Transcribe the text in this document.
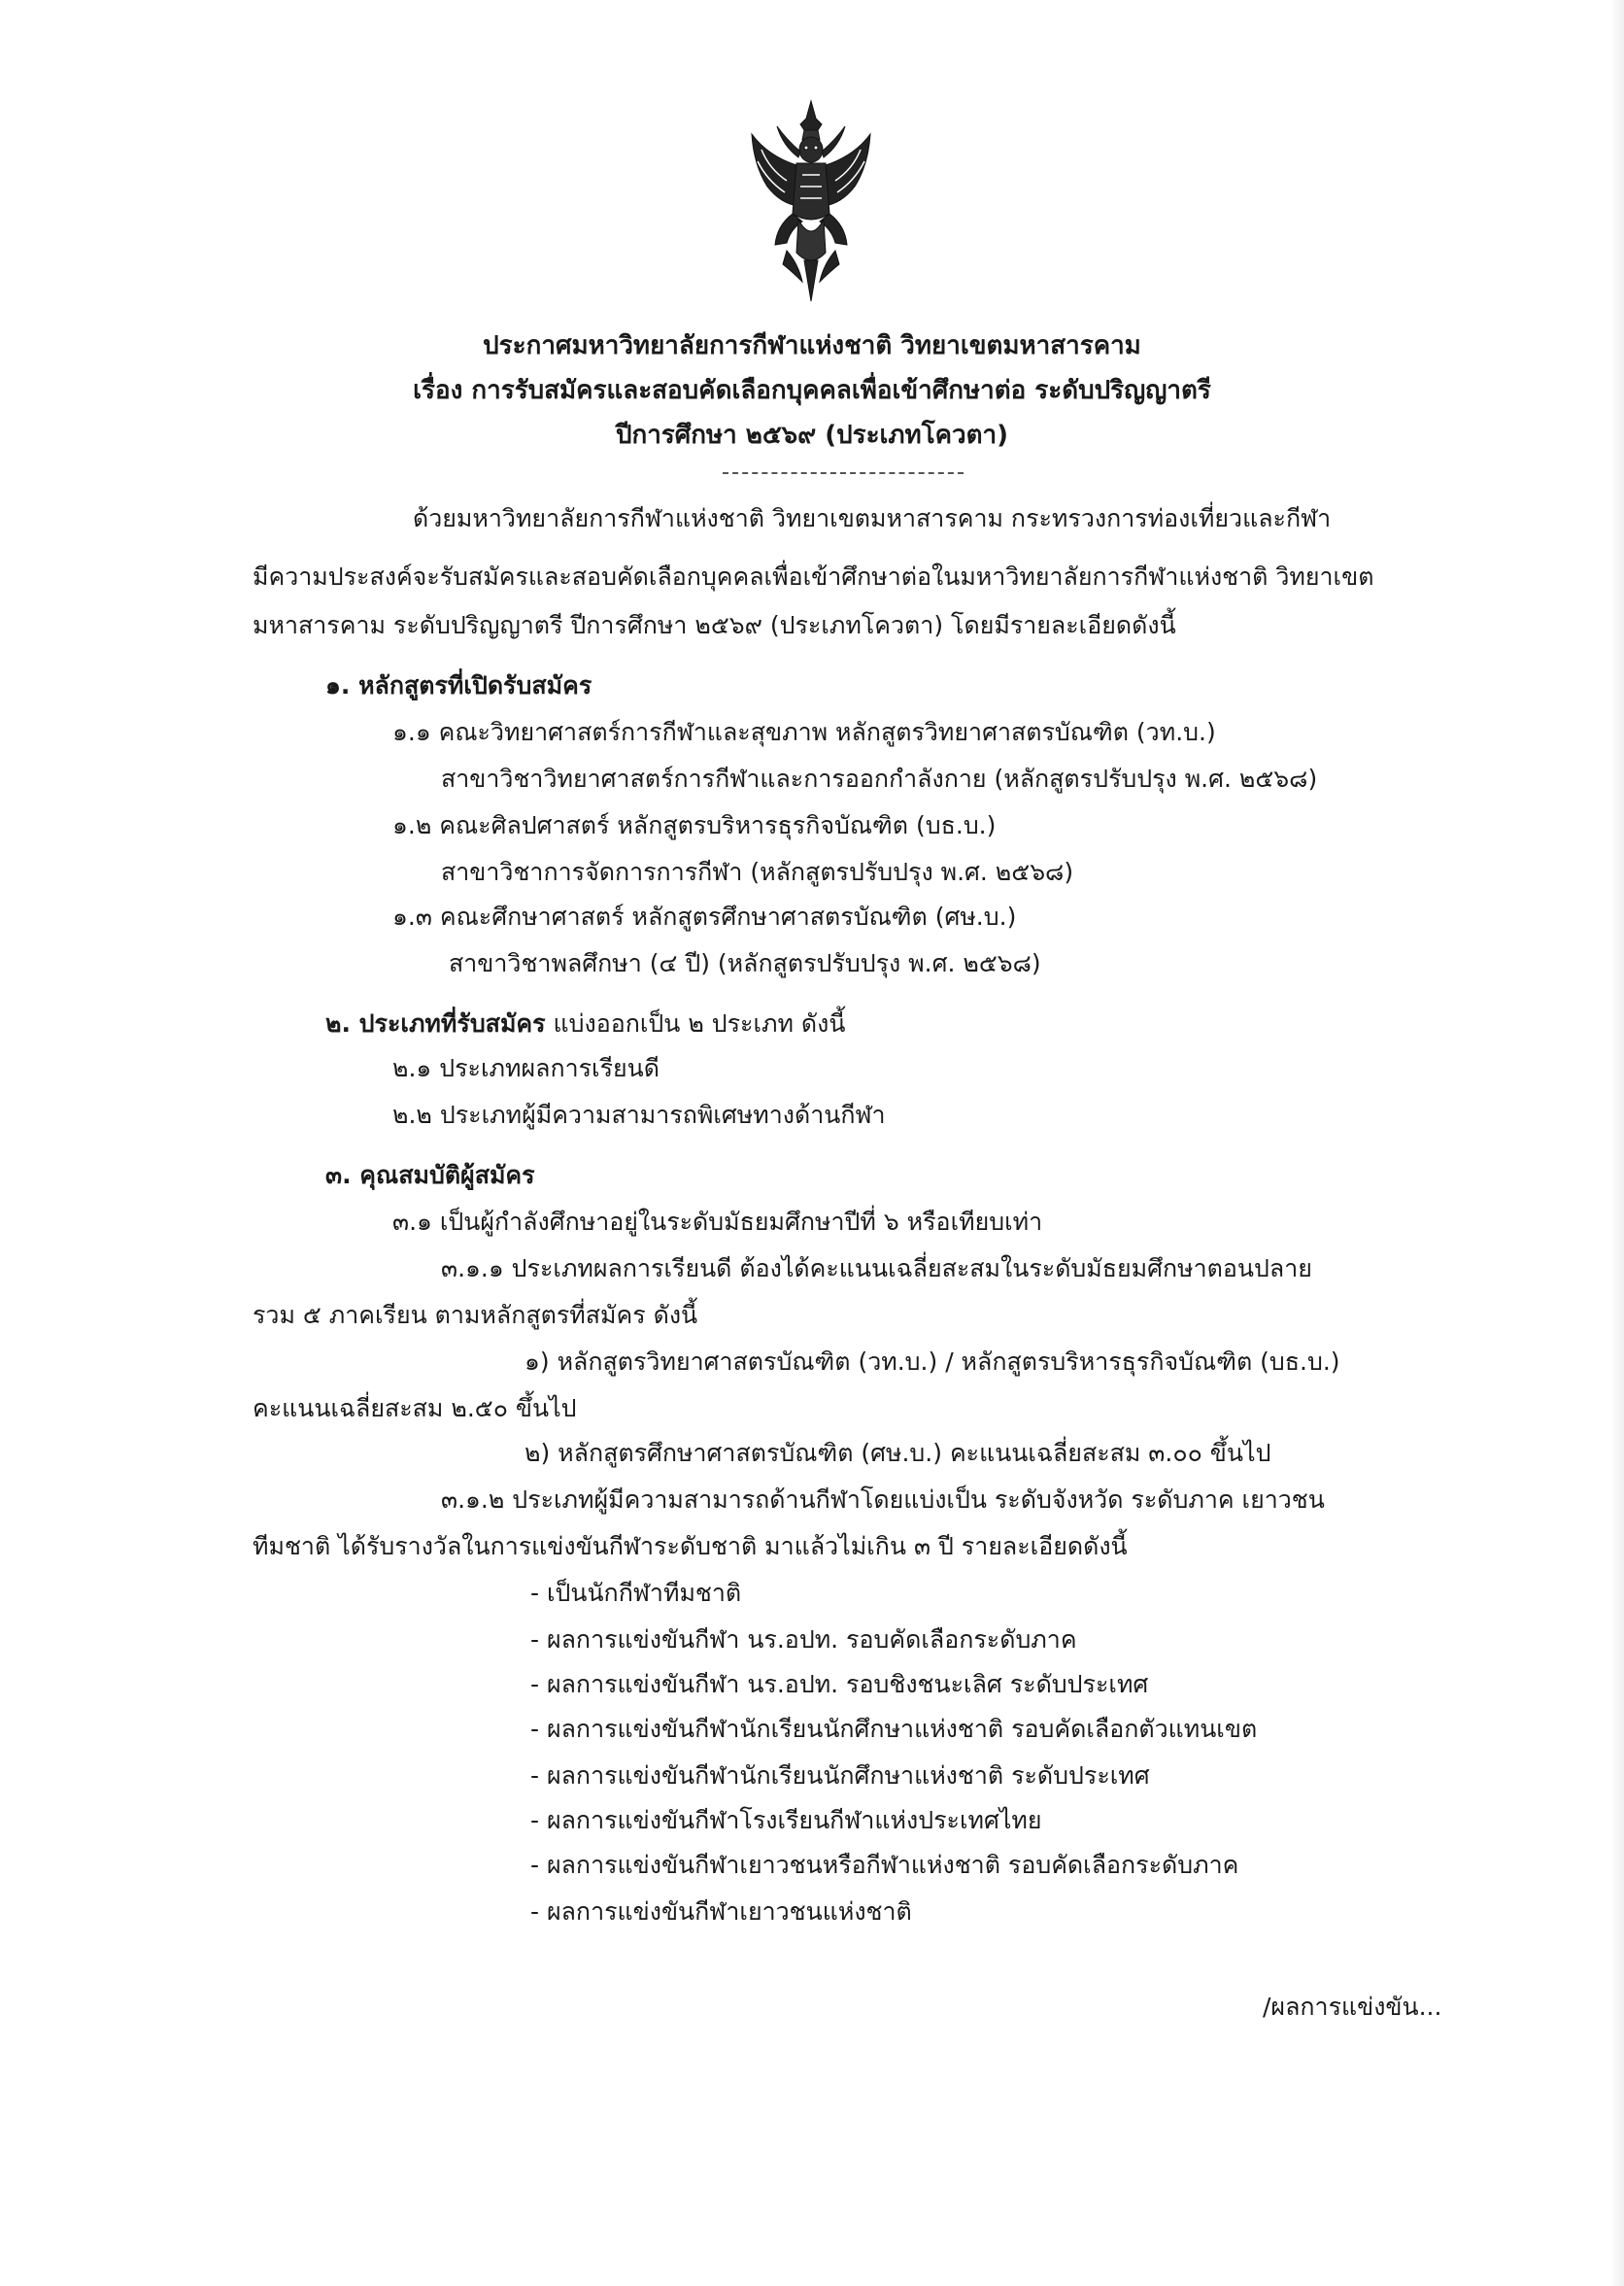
ประกาศมหาวิทยาลัยการกีฬาแห่งชาติ วิทยาเขตมหาสารคาม
เรื่อง การรับสมัครและสอบคัดเลือกบุคคลเพื่อเข้าศึกษาต่อ ระดับปริญญาตรี
ปีการศึกษา ๒๕๖๙ (ประเภทโควตา)
ด้วยมหาวิทยาลัยการกีฬาแห่งชาติ วิทยาเขตมหาสารคาม กระทรวงการท่องเที่ยวและกีฬา
มีความประสงค์จะรับสมัครและสอบคัดเลือกบุคคลเพื่อเข้าศึกษาต่อในมหาวิทยาลัยการกีฬาแห่งชาติ วิทยาเขต
มหาสารคาม ระดับปริญญาตรี ปีการศึกษา ๒๕๖๙ (ประเภทโควตา) โดยมีรายละเอียดดังนี้
๑. หลักสูตรที่เปิดรับสมัคร
๑.๑ คณะวิทยาศาสตร์การกีฬาและสุขภาพ หลักสูตรวิทยาศาสตรบัณฑิต (วท.บ.)
สาขาวิชาวิทยาศาสตร์การกีฬาและการออกกำลังกาย (หลักสูตรปรับปรุง พ.ศ. ๒๕๖๘)
๑.๒ คณะศิลปศาสตร์ หลักสูตรบริหารธุรกิจบัณฑิต (บธ.บ.)
สาขาวิชาการจัดการการกีฬา (หลักสูตรปรับปรุง พ.ศ. ๒๕๖๘)
๑.๓ คณะศึกษาศาสตร์ หลักสูตรศึกษาศาสตรบัณฑิต (ศษ.บ.)
สาขาวิชาพลศึกษา (๔ ปี) (หลักสูตรปรับปรุง พ.ศ. ๒๕๖๘)
๒. ประเภทที่รับสมัคร แบ่งออกเป็น ๒ ประเภท ดังนี้
๒.๑ ประเภทผลการเรียนดี
๒.๒ ประเภทผู้มีความสามารถพิเศษทางด้านกีฬา
๓. คุณสมบัติผู้สมัคร
๓.๑ เป็นผู้กำลังศึกษาอยู่ในระดับมัธยมศึกษาปีที่ ๖ หรือเทียบเท่า
๓.๑.๑ ประเภทผลการเรียนดี ต้องได้คะแนนเฉลี่ยสะสมในระดับมัธยมศึกษาตอนปลาย
รวม ๕ ภาคเรียน ตามหลักสูตรที่สมัคร ดังนี้
๑) หลักสูตรวิทยาศาสตรบัณฑิต (วท.บ.) / หลักสูตรบริหารธุรกิจบัณฑิต (บธ.บ.)
คะแนนเฉลี่ยสะสม ๒.๕๐ ขึ้นไป
๒) หลักสูตรศึกษาศาสตรบัณฑิต (ศษ.บ.) คะแนนเฉลี่ยสะสม ๓.๐๐ ขึ้นไป
๓.๑.๒ ประเภทผู้มีความสามารถด้านกีฬาโดยแบ่งเป็น ระดับจังหวัด ระดับภาค เยาวชน
ทีมชาติ ได้รับรางวัลในการแข่งขันกีฬาระดับชาติ มาแล้วไม่เกิน ๓ ปี รายละเอียดดังนี้
- เป็นนักกีฬาทีมชาติ
- ผลการแข่งขันกีฬา นร.อปท. รอบคัดเลือกระดับภาค
- ผลการแข่งขันกีฬา นร.อปท. รอบชิงชนะเลิศ ระดับประเทศ
- ผลการแข่งขันกีฬานักเรียนนักศึกษาแห่งชาติ รอบคัดเลือกตัวแทนเขต
- ผลการแข่งขันกีฬานักเรียนนักศึกษาแห่งชาติ ระดับประเทศ
- ผลการแข่งขันกีฬาโรงเรียนกีฬาแห่งประเทศไทย
- ผลการแข่งขันกีฬาเยาวชนหรือกีฬาแห่งชาติ รอบคัดเลือกระดับภาค
- ผลการแข่งขันกีฬาเยาวชนแห่งชาติ
/ผลการแข่งขัน...
